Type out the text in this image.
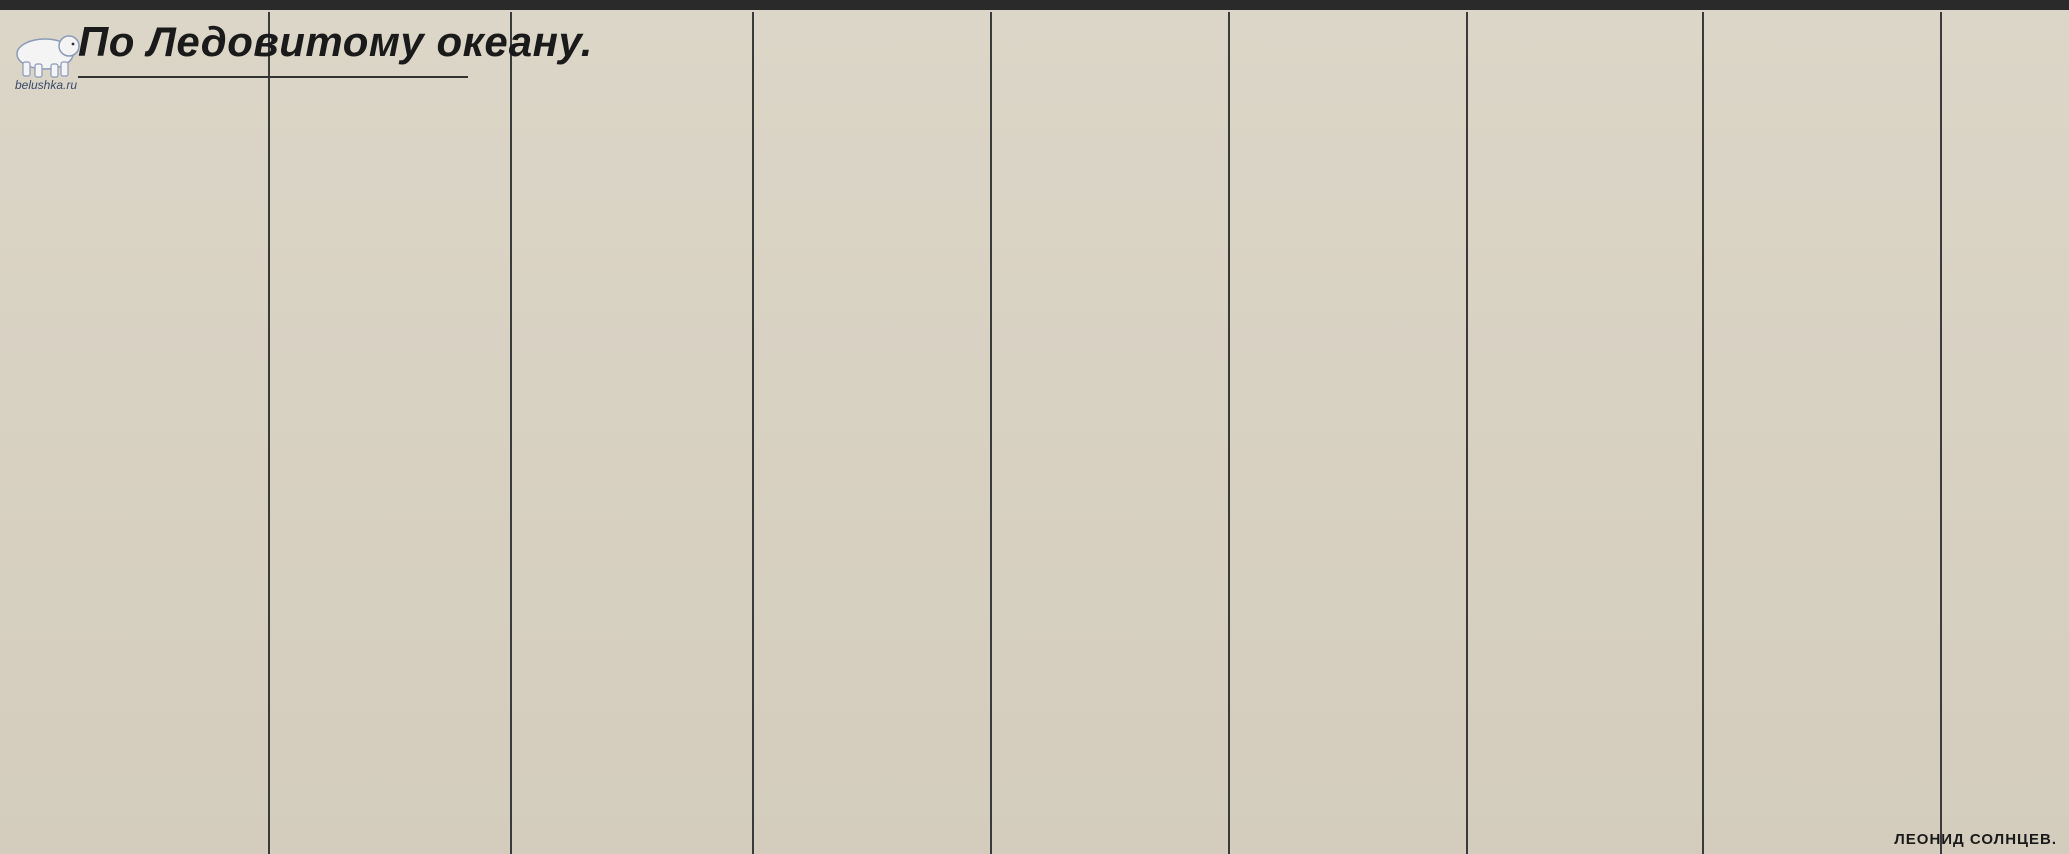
belushka.ru
По Ледовитому океану.
ЛЕОНИД СОЛНЦЕВ.
